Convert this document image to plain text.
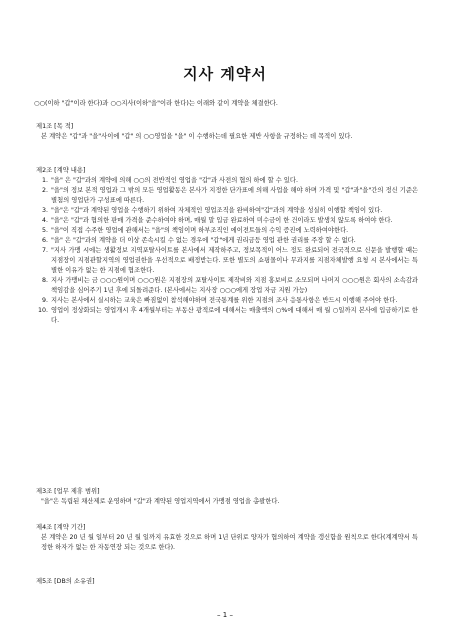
지사 계약서
○○(이하 "갑"이라 한다)과 ○○지사(이하"을"이라 한다)는 이래와 같이 계약을 체결한다.
제1조 [목 적]
본 계약은 "갑"과 "을"사이에 "갑" 의 ○○영업을 "을" 이 수행하는데 필요한 제반 사항을 규정하는 데 목적이 있다.
제2조 [계약 내용]
1. "을" 은 "갑"과의 계약에 의해 ○○의 전반적인 영업을 "갑"과 사전의 협의 하에 할 수 있다.
2. "을"의 정보 본적 영업과 그 밖의 모든 영업활동은 본사가 지정한 단가표에 의해 사업을 해야 하며 가격 및 "갑"과"을"간의 정신 기준은 별첨의 영업단가 구성표에 따른다.
3. "을"은 "갑"과 계약된 영업을 수행하기 위하여 자체적인 영업조직을 완비하여"갑"과의 계약을 성실히 이행할 책임이 있다.
4. "을"은 "갑"과 협의한 판매 가격을 준수하여야 하며, 매월 말 입금 완료하여 미수금이 한 건이라도 발생치 않도록 하여야 한다.
5. "을"이 직접 수주한 영업에 관해서는 "을"의 책임이며 하부조직인 에이전트들의 수익 증진에 노력하여야한다.
6. "을" 은 "갑"과의 계약을 더 이상 존속시킬 수 없는 경우에 "갑"에게 권리금등 영업 관한 권리를 주장 할 수 없다.
7. "지사 가맹 시에는 생활정보 지역포탈사이트를 본사에서 제작하주고, 정보목적이 어느 정도 완료되어 전국적으로 신문을 발행할 때는 지점장이 지점관할지역의 영업권한을 우선적으로 배정받는다. 또한 별도의 쇼핑몰이나 무과지를 지점자체발행 요청 시 본사에서는 특별한 이유가 없는 한 지점에 협조한다.
8. 지사 가맹비는 금 ○○○원이며 ○○○원은 지점장의 포탈사이트 제작비와 지점 홍보비로 소모되며 나머지 ○○○원은 회사의 소속감과 책임감을 심어주기 1년 후에 되돌려준다. (본사에서는 지사장 ○○○에게 장업 자금 지원 가능)
9. 지사는 본사에서 실시하는 교육은 빠짐없이 참석해야하며 전국통계를 위한 지점의 조사 응통사항은 반드시 이행해 주어야 한다.
10. 영업이 정상화되는 영업개시 후 4개월부터는 부동산 광적로에 대해서는 매출액의 ○%에 대해서 매 월 ○일까지 본사에 입금하기로 한다.
제3조 [업무 제휴 범위]
"을"은 독립된 채산제로 운영하며 "갑"과 계약된 영업지역에서 가맹점 영업을 총괄한다.
제4조 [계약 기간]
본 계약은 20 년 월 일부터 20 년 월 일까지 유효한 것으로 하며 1년 단위로 양자가 협의하여 계약을 갱신함을 원칙으로 한다(계계약서 특정한 하자가 없는 한 자동연장 되는 것으로 한다).
제5조 [DB의 소유권]
– 1 –
